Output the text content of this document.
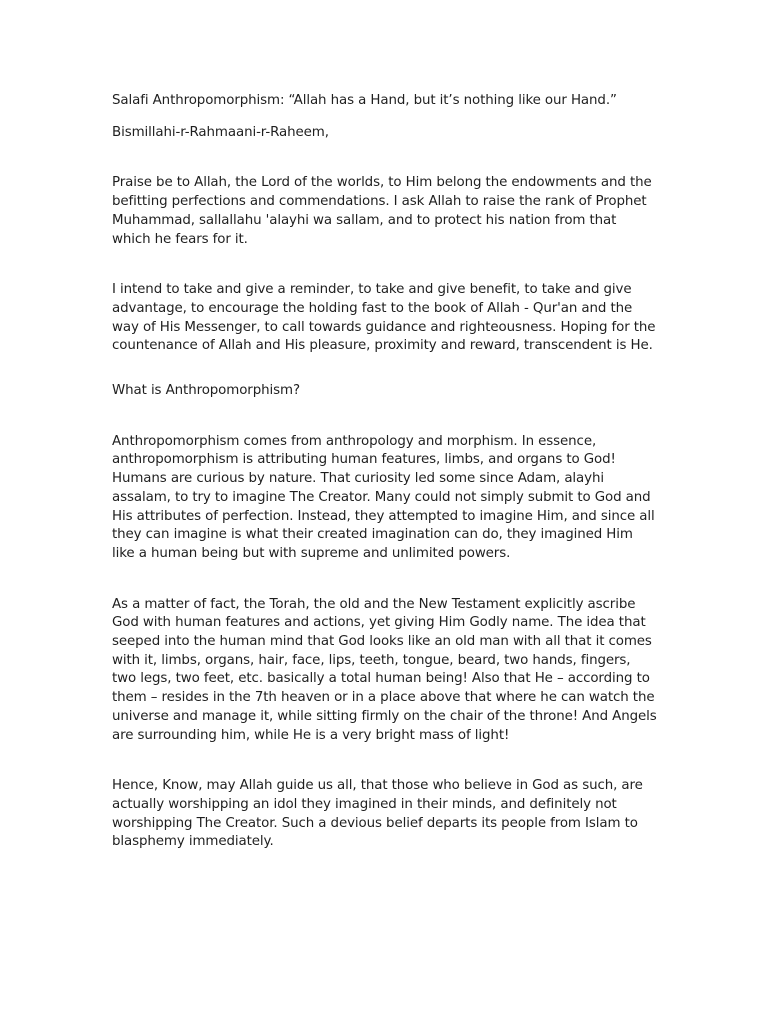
Salafi Anthropomorphism: “Allah has a Hand, but it’s nothing like our Hand.”

Bismillahi-r-Rahmaani-r-Raheem,

Praise be to Allah, the Lord of the worlds, to Him belong the endowments and the befitting perfections and commendations. I ask Allah to raise the rank of Prophet Muhammad, sallallahu 'alayhi wa sallam, and to protect his nation from that which he fears for it.

I intend to take and give a reminder, to take and give benefit, to take and give advantage, to encourage the holding fast to the book of Allah - Qur'an and the way of His Messenger, to call towards guidance and righteousness. Hoping for the countenance of Allah and His pleasure, proximity and reward, transcendent is He.

What is Anthropomorphism?

Anthropomorphism comes from anthropology and morphism. In essence, anthropomorphism is attributing human features, limbs, and organs to God! Humans are curious by nature. That curiosity led some since Adam, alayhi assalam, to try to imagine The Creator. Many could not simply submit to God and His attributes of perfection. Instead, they attempted to imagine Him, and since all they can imagine is what their created imagination can do, they imagined Him like a human being but with supreme and unlimited powers.

As a matter of fact, the Torah, the old and the New Testament explicitly ascribe God with human features and actions, yet giving Him Godly name. The idea that seeped into the human mind that God looks like an old man with all that it comes with it, limbs, organs, hair, face, lips, teeth, tongue, beard, two hands, fingers, two legs, two feet, etc. basically a total human being! Also that He – according to them – resides in the 7th heaven or in a place above that where he can watch the universe and manage it, while sitting firmly on the chair of the throne! And Angels are surrounding him, while He is a very bright mass of light!

Hence, Know, may Allah guide us all, that those who believe in God as such, are actually worshipping an idol they imagined in their minds, and definitely not worshipping The Creator. Such a devious belief departs its people from Islam to blasphemy immediately.
